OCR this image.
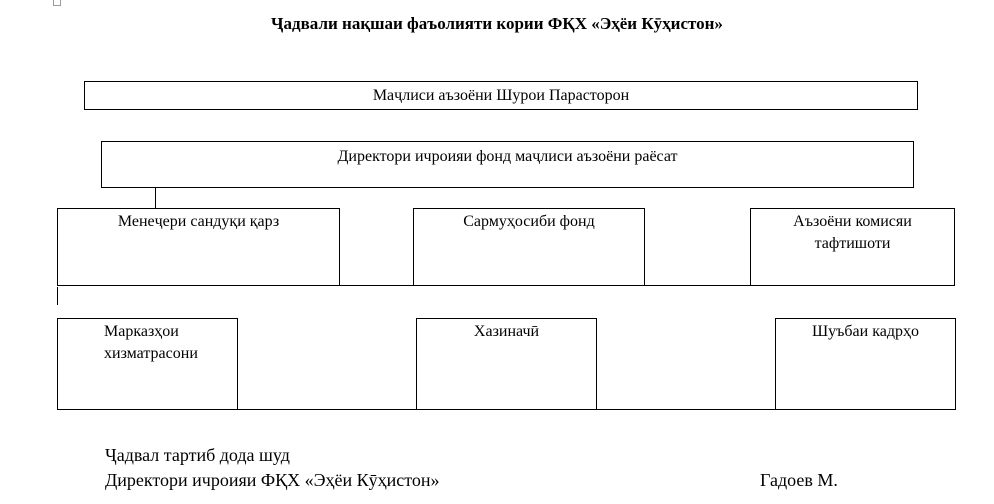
Ҷадвали нақшаи фаъолияти кории ФҚХ «Эҳёи Кӯҳистон»
Маҷлиси аъзоёни Шурои Парасторон
Директори ичроияи фонд маҷлиси аъзоёни раёсат
Менеҷери сандуқи қарз	Сармуҳосиби фонд	Аъзоёни комисяи
тафтишоти
Марказҳои
хизматрасони
Хазиначӣ	Шуъбаи кадрҳо
Ҷадвал тартиб дода шуд
Директори ичроияи ФҚХ «Эҳёи Кӯҳистон»	Гадоев М.
